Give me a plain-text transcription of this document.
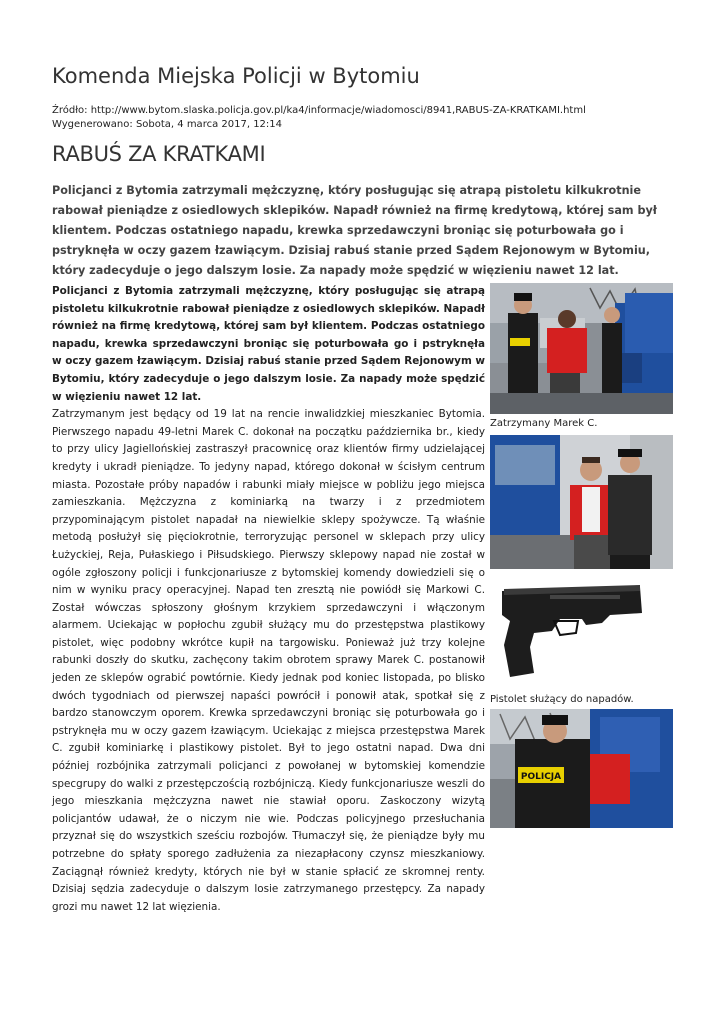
Komenda Miejska Policji w Bytomiu
Źródło: http://www.bytom.slaska.policja.gov.pl/ka4/informacje/wiadomosci/8941,RABUS-ZA-KRATKAMI.html
Wygenerowano: Sobota, 4 marca 2017, 12:14
RABUŚ ZA KRATKAMI

Policjanci z Bytomia zatrzymali mężczyznę, który posługując się atrapą pistoletu kilkukrotnie rabował pieniądze z osiedlowych sklepików. Napadł również na firmę kredytową, której sam był klientem. Podczas ostatniego napadu, krewka sprzedawczyni broniąc się poturbowała go i pstryknęła w oczy gazem łzawiącym. Dzisiaj rabuś stanie przed Sądem Rejonowym w Bytomiu, który zadecyduje o jego dalszym losie. Za napady może spędzić w więzieniu nawet 12 lat.

Policjanci z Bytomia zatrzymali mężczyznę, który posługując się atrapą pistoletu kilkukrotnie rabował pieniądze z osiedlowych sklepików. Napadł również na firmę kredytową, której sam był klientem. Podczas ostatniego napadu, krewka sprzedawczyni broniąc się poturbowała go i pstryknęła w oczy gazem łzawiącym. Dzisiaj rabuś stanie przed Sądem Rejonowym w Bytomiu, który zadecyduje o jego dalszym losie. Za napady może spędzić w więzieniu nawet 12 lat.

Zatrzymanym jest będący od 19 lat na rencie inwalidzkiej mieszkaniec Bytomia. Pierwszego napadu 49-letni Marek C. dokonał na początku października br., kiedy to przy ulicy Jagiellońskiej zastraszył pracownicę oraz klientów firmy udzielającej kredyty i ukradł pieniądze. To jedyny napad, którego dokonał w ścisłym centrum miasta. Pozostałe próby napadów i rabunki miały miejsce w pobliżu jego miejsca zamieszkania. Mężczyzna z kominiarką na twarzy i z przedmiotem przypominającym pistolet napadał na niewielkie sklepy spożywcze. Tą właśnie metodą posłużył się pięciokrotnie, terroryzując personel w sklepach przy ulicy Łużyckiej, Reja, Pułaskiego i Piłsudskiego. Pierwszy sklepowy napad nie został w ogóle zgłoszony policji i funkcjonariusze z bytomskiej komendy dowiedzieli się o nim w wyniku pracy operacyjnej. Napad ten zresztą nie powiódł się Markowi C. Został wówczas spłoszony głośnym krzykiem sprzedawczyni i włączonym alarmem. Uciekając w popłochu zgubił służący mu do przestępstwa plastikowy pistolet, więc podobny wkrótce kupił na targowisku. Ponieważ już trzy kolejne rabunki doszły do skutku, zachęcony takim obrotem sprawy Marek C. postanowił jeden ze sklepów ograbić powtórnie. Kiedy jednak pod koniec listopada, po blisko dwóch tygodniach od pierwszej napaści powrócił i ponowił atak, spotkał się z bardzo stanowczym oporem. Krewka sprzedawczyni broniąc się poturbowała go i pstryknęła mu w oczy gazem łzawiącym. Uciekając z miejsca przestępstwa Marek C. zgubił kominiarkę i plastikowy pistolet. Był to jego ostatni napad. Dwa dni później rozbójnika zatrzymali policjanci z powołanej w bytomskiej komendzie specgrupy do walki z przestępczością rozbójniczą. Kiedy funkcjonariusze weszli do jego mieszkania mężczyzna nawet nie stawiał oporu. Zaskoczony wizytą policjantów udawał, że o niczym nie wie. Podczas policyjnego przesłuchania przyznał się do wszystkich sześciu rozbojów. Tłumaczył się, że pieniądze były mu potrzebne do spłaty sporego zadłużenia za niezapłacony czynsz mieszkaniowy. Zaciągnął również kredyty, których nie był w stanie spłacić ze skromnej renty. Dzisiaj sędzia zadecyduje o dalszym losie zatrzymanego przestępcy. Za napady grozi mu nawet 12 lat więzienia.

Zatrzymany Marek C.
Pistolet służący do napadów.
POLICJA
